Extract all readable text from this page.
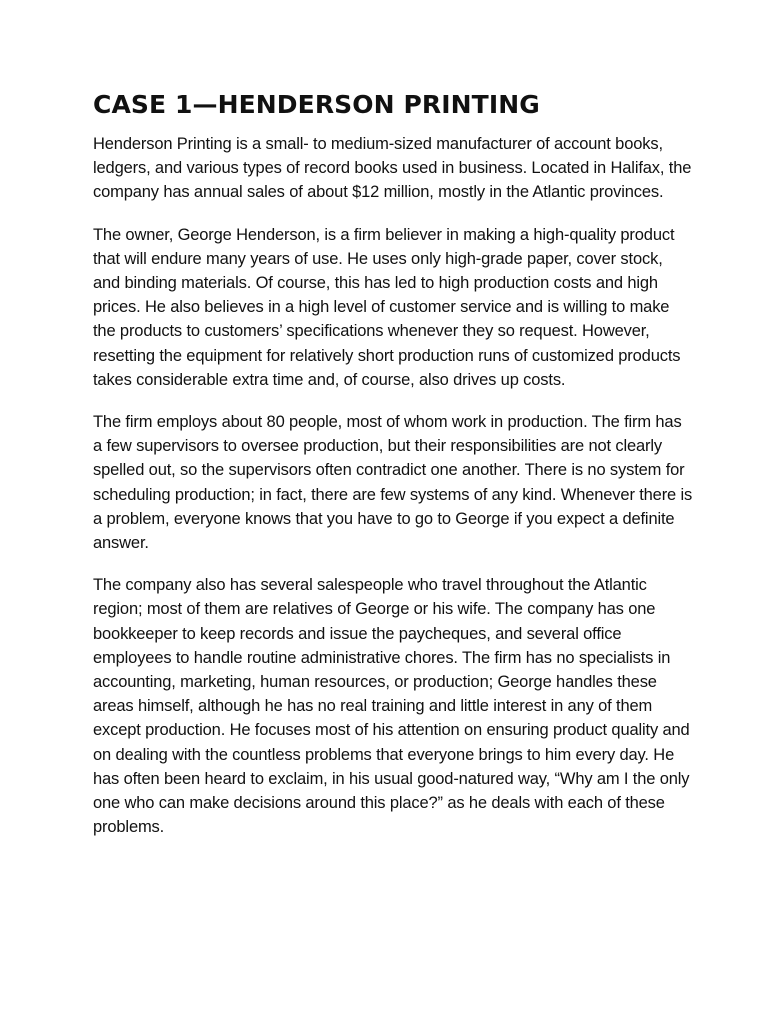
CASE 1—HENDERSON PRINTING

Henderson Printing is a small- to medium-sized manufacturer of account books, ledgers, and various types of record books used in business. Located in Halifax, the company has annual sales of about $12 million, mostly in the Atlantic provinces.

The owner, George Henderson, is a firm believer in making a high-quality product that will endure many years of use. He uses only high-grade paper, cover stock, and binding materials. Of course, this has led to high production costs and high prices. He also believes in a high level of customer service and is willing to make the products to customers’ specifications whenever they so request. However, resetting the equipment for relatively short production runs of customized products takes considerable extra time and, of course, also drives up costs.

The firm employs about 80 people, most of whom work in production. The firm has a few supervisors to oversee production, but their responsibilities are not clearly spelled out, so the supervisors often contradict one another. There is no system for scheduling production; in fact, there are few systems of any kind. Whenever there is a problem, everyone knows that you have to go to George if you expect a definite answer.

The company also has several salespeople who travel throughout the Atlantic region; most of them are relatives of George or his wife. The company has one bookkeeper to keep records and issue the paycheques, and several office employees to handle routine administrative chores. The firm has no specialists in accounting, marketing, human resources, or production; George handles these areas himself, although he has no real training and little interest in any of them except production. He focuses most of his attention on ensuring product quality and on dealing with the countless problems that everyone brings to him every day. He has often been heard to exclaim, in his usual good-natured way, “Why am I the only one who can make decisions around this place?” as he deals with each of these problems.
